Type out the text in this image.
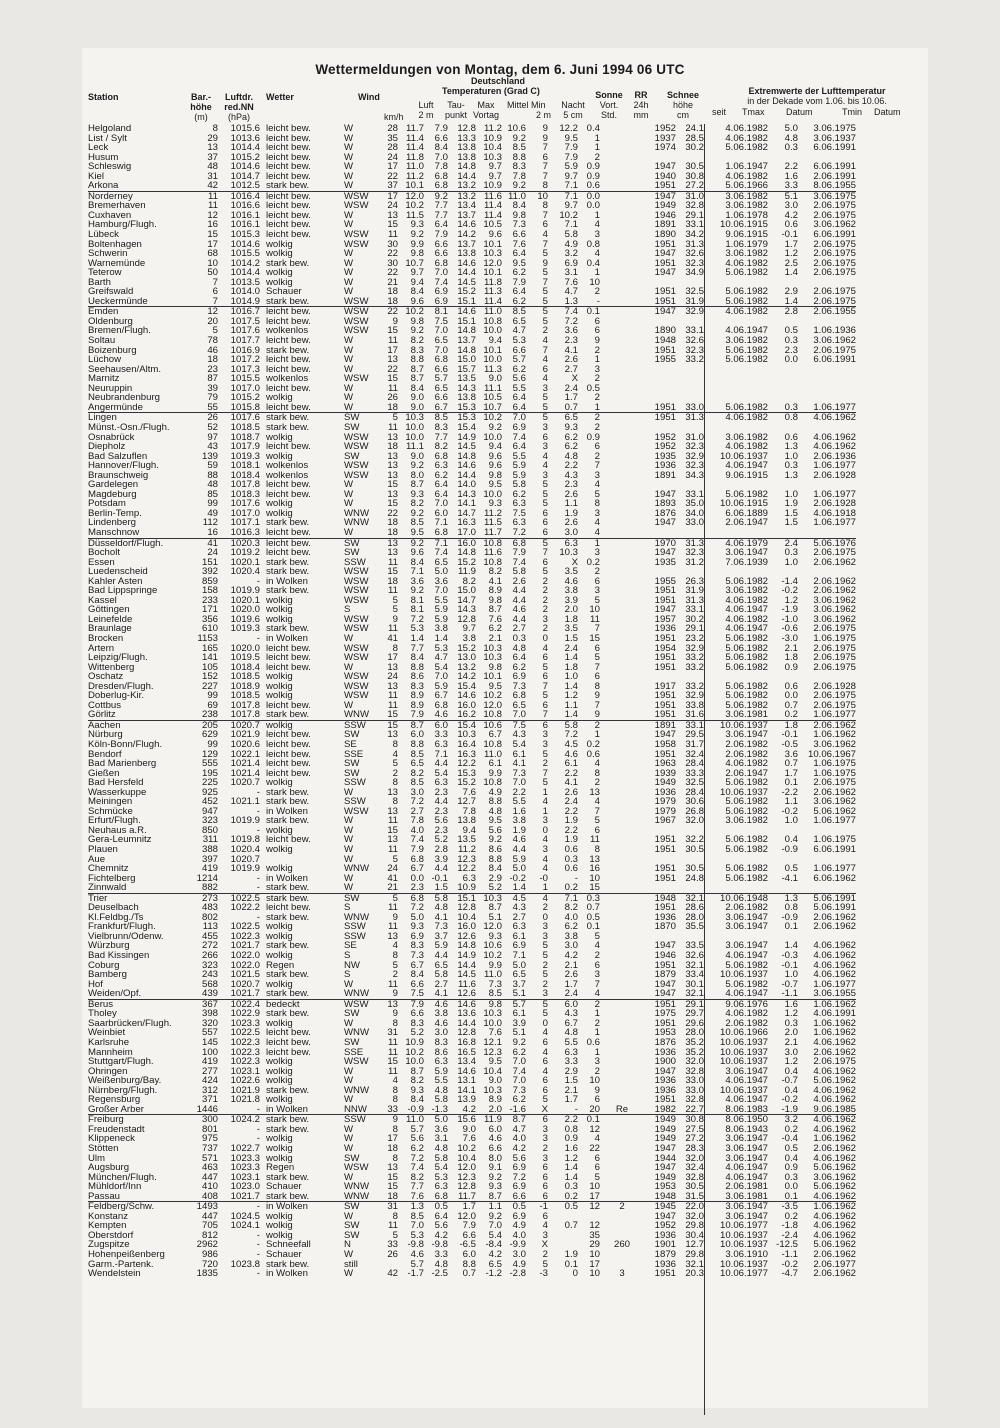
Wettermeldungen von Montag, dem 6. Juni 1994 06 UTC
Station	Bar.-
höhe
(m)
Luftdr.
red.NN
(hPa)
Wetter	Wind
km/h
Deutschland
Temperaturen (Grad C)
Luft
2 m
Tau-
punkt
Max
Vortag
Mittel Min
2 m
Nacht
5 cm
Sonne
Vort.
Std.
RR
24h
mm
Schnee
höhe
cm
Extremwerte der Lufttemperatur
in der Dekade vom 1.06. bis 10.06.
seit Tmax Datum	Tmin Datum
Helgoland	8	1015.6		leicht bew.	W	28	11.7	7.9	12.8	11.2	10.6	9	12.2	0.4		1952	24.1	4.06.1982	5.0	3.06.1975
List / Sylt	29	1013.6		leicht bew.	W	35	11.4	6.6	13.3	10.9	9.2	9	9.5	1		1937	28.5	4.06.1982	4.8	3.06.1937
Leck	13	1014.4		leicht bew.	W	28	11.4	8.4	13.8	10.4	8.5	7	7.9	1		1974	30.2	5.06.1982	0.3	6.06.1991
Husum	37	1015.2		leicht bew.	W	24	11.8	7.0	13.8	10.3	8.8	6	7.9	2						
Schleswig	48	1014.6		leicht bew.	W	17	11.0	7.8	14.8	9.7	8.3	7	5.9	0.9		1947	30.5	1.06.1947	2.2	6.06.1991
Kiel	31	1014.7		leicht bew.	W	22	11.2	6.8	14.4	9.7	7.8	7	9.7	0.9		1940	30.8	4.06.1982	1.6	2.06.1991
Arkona	42	1012.5		stark bew.	W	37	10.1	6.8	13.2	10.9	9.2	8	7.1	0.6		1951	27.2	5.06.1966	3.3	8.06.1955
Norderney	11	1016.4		leicht bew.	WSW	17	12.0	9.2	13.2	11.6	11.0	10	7.1	0.0		1947	31.0	3.06.1982	5.1	3.06.1975
Bremerhaven	11	1016.6		leicht bew.	WSW	24	10.2	7.7	13.4	11.4	8.4	8	9.7	0.0		1949	32.8	3.06.1982	3.0	2.06.1975
Cuxhaven	12	1016.1		leicht bew.	W	13	11.5	7.7	13.7	11.4	9.8	7	10.2	1		1946	29.1	1.06.1978	4.2	2.06.1975
Hamburg/Flugh.	16	1016.1		leicht bew.	W	15	9.3	6.4	14.6	10.5	7.3	6	7.1	4		1891	33.1	10.06.1915	0.6	3.06.1962
Lübeck	15	1015.3		leicht bew.	WSW	11	9.2	7.9	14.2	9.6	6.6	4	5.8	3		1890	34.2	9.06.1915	-0.1	6.06.1991
Boltenhagen	17	1014.6		wolkig	WSW	30	9.9	6.6	13.7	10.1	7.6	7	4.9	0.8		1951	31.3	1.06.1979	1.7	2.06.1975
Schwerin	68	1015.5		wolkig	W	22	9.8	6.6	13.8	10.3	6.4	5	3.2	4		1947	32.6	3.06.1982	1.2	2.06.1975
Warnemünde	10	1014.2		stark bew.	W	30	10.7	6.8	14.6	12.0	9.5	9	6.9	0.4		1951	32.3	4.06.1982	2.5	2.06.1975
Teterow	50	1014.4		wolkig	W	22	9.7	7.0	14.4	10.1	6.2	5	3.1	1		1947	34.9	5.06.1982	1.4	2.06.1975
Barth	7	1013.5		wolkig	W	21	9.4	7.4	14.5	11.8	7.9	7	7.6	10						
Greifswald	6	1014.0		Schauer	W	18	8.4	6.9	15.2	11.3	6.4	5	4.7	2		1951	32.5	5.06.1982	2.9	2.06.1975
Ueckermünde	7	1014.9		stark bew.	WSW	18	9.6	6.9	15.1	11.4	6.2	5	1.3	-		1951	31.9	5.06.1982	1.4	2.06.1975
Emden	12	1016.7		leicht bew.	WSW	22	10.2	8.1	14.6	11.0	8.5	5	7.4	0.1		1947	32.9	4.06.1982	2.8	2.06.1955
Oldenburg	20	1017.5		leicht bew.	WSW	9	9.8	7.5	15.1	10.8	6.5	5	7.2	6						
Bremen/Flugh.	5	1017.6		wolkenlos	WSW	15	9.2	7.0	14.8	10.0	4.7	2	3.6	6		1890	33.1	4.06.1947	0.5	1.06.1936
Soltau	78	1017.7		leicht bew.	W	11	8.2	6.5	13.7	9.4	5.3	4	2.3	9		1948	32.6	3.06.1982	0.3	3.06.1962
Boizenburg	46	1016.9		stark bew.	W	17	8.3	7.0	14.8	10.1	6.6	7	4.1	2		1951	32.3	5.06.1982	2.3	2.06.1975
Lüchow	18	1017.2		leicht bew.	W	13	8.8	6.8	15.0	10.0	5.7	4	2.6	1		1955	33.2	5.06.1982	0.0	6.06.1991
Seehausen/Altm.	23	1017.3		leicht bew.	W	22	8.7	6.6	15.7	11.3	6.2	6	2.7	3						
Marnitz	87	1015.5		wolkenlos	WSW	15	8.7	5.7	13.5	9.0	5.6	4	X	2						
Neuruppin	39	1017.0		leicht bew.	W	11	8.4	6.5	14.3	11.1	5.5	3	2.4	0.5						
Neubrandenburg	79	1015.2		wolkig	W	26	9.0	6.6	13.8	10.5	6.4	5	1.7	2						
Angermünde	55	1015.8		leicht bew.	W	18	9.0	6.7	15.3	10.7	6.4	5	0.7	1		1951	33.0	5.06.1982	0.3	1.06.1977
Lingen	26	1017.6		stark bew.	SW	5	10.3	8.5	15.3	10.2	7.0	5	6.5	2		1951	31.3	4.06.1982	0.8	4.06.1962
Münst.-Osn./Flugh.	52	1018.5		stark bew.	SW	11	10.0	8.3	15.4	9.2	6.9	3	9.3	2						
Osnabrück	97	1018.7		wolkig	WSW	13	10.0	7.7	14.9	10.0	7.4	6	6.2	0.9		1952	31.0	3.06.1982	0.6	4.06.1962
Diepholz	43	1017.9		leicht bew.	WSW	18	11.1	8.2	14.5	9.4	6.4	3	6.2	6		1952	32.3	4.06.1982	1.3	4.06.1962
Bad Salzuflen	139	1019.3		wolkig	SW	13	9.0	6.8	14.8	9.6	5.5	4	4.8	2		1935	32.9	10.06.1937	1.0	2.06.1936
Hannover/Flugh.	59	1018.1		wolkenlos	WSW	13	9.2	6.3	14.6	9.6	5.9	4	2.2	7		1936	32.3	4.06.1947	0.3	1.06.1977
Braunschweig	88	1018.4		wolkenlos	WSW	13	8.0	6.2	14.4	9.8	5.9	3	4.3	3		1891	34.3	9.06.1915	1.3	2.06.1928
Gardelegen	48	1017.8		leicht bew.	W	15	8.7	6.4	14.0	9.5	5.8	5	2.3	4						
Magdeburg	85	1018.3		leicht bew.	W	13	9.3	6.4	14.3	10.0	6.2	5	2.6	5		1947	33.1	5.06.1982	1.0	1.06.1977
Potsdam	99	1017.6		wolkig	W	15	8.2	7.0	14.1	9.3	6.3	5	1.1	8		1893	35.0	10.06.1915	1.9	2.06.1928
Berlin-Temp.	49	1017.0		wolkig	WNW	22	9.2	6.0	14.7	11.2	7.5	6	1.9	3		1876	34.0	6.06.1889	1.5	4.06.1918
Lindenberg	112	1017.1		stark bew.	WNW	18	8.5	7.1	16.3	11.5	6.3	6	2.6	4		1947	33.0	2.06.1947	1.5	1.06.1977
Manschnow	16	1016.3		leicht bew.	W	18	9.5	6.8	17.0	11.7	7.2	6	3.0	4						
Düsseldorf/Flugh.	41	1020.3		leicht bew.	SW	13	9.2	7.1	16.0	10.8	6.8	5	6.3	1		1970	31.3	4.06.1979	2.4	5.06.1976
Bocholt	24	1019.2		leicht bew.	SW	13	9.6	7.4	14.8	11.6	7.9	7	10.3	3		1947	32.3	3.06.1947	0.3	2.06.1975
Essen	151	1020.1		stark bew.	SSW	11	8.4	6.5	15.2	10.8	7.4	6	X	0.2		1935	31.2	7.06.1939	1.0	2.06.1962
Luedenscheid	392	1020.4		stark bew.	WSW	15	7.1	5.0	11.9	8.2	5.8	5	3.5	2						
Kahler Asten	859	-		in Wolken	WSW	18	3.6	3.6	8.2	4.1	2.6	2	4.6	6		1955	26.3	5.06.1982	-1.4	2.06.1962
Bad Lippspringe	158	1019.9		stark bew.	WSW	11	9.2	7.0	15.0	8.9	4.4	2	3.8	3		1951	31.9	3.06.1982	-0.2	2.06.1962
Kassel	233	1020.1		wolkig	WSW	5	8.1	5.5	14.7	9.8	4.4	2	3.9	5		1951	31.3	4.06.1982	1.2	3.06.1962
Göttingen	171	1020.0		wolkig	S	5	8.1	5.9	14.3	8.7	4.6	2	2.0	10		1947	33.1	4.06.1947	-1.9	3.06.1962
Leinefelde	356	1019.6		wolkig	WSW	9	7.2	5.9	12.8	7.6	4.4	3	1.8	11		1957	30.2	4.06.1982	-1.0	3.06.1962
Braunlage	610	1019.3		stark bew.	WSW	11	5.3	3.8	9.7	6.2	2.7	2	3.5	7		1936	29.1	4.06.1947	-0.6	2.06.1975
Brocken	1153	-		in Wolken	W	41	1.4	1.4	3.8	2.1	0.3	0	1.5	15		1951	23.2	5.06.1982	-3.0	1.06.1975
Artern	165	1020.0		leicht bew.	WSW	8	7.7	5.3	15.2	10.3	4.8	4	2.4	6		1954	32.9	5.06.1982	2.1	2.06.1975
Leipzig/Flugh.	141	1019.5		leicht bew.	WSW	17	8.4	4.7	13.0	10.3	6.4	6	1.4	5		1951	33.2	5.06.1982	1.8	2.06.1975
Wittenberg	105	1018.4		leicht bew.	W	13	8.8	5.4	13.2	9.8	6.2	5	1.8	7		1951	33.2	5.06.1982	0.9	2.06.1975
Oschatz	152	1018.5		wolkig	WSW	24	8.6	7.0	14.2	10.1	6.9	6	1.0	6						
Dresden/Flugh.	227	1018.9		wolkig	WSW	13	8.3	5.9	15.4	9.5	7.3	7	1.4	8		1917	33.2	5.06.1982	0.6	2.06.1928
Doberlug-Kir.	99	1018.5		wolkig	WSW	11	8.9	6.7	14.6	10.2	6.8	5	1.2	9		1951	32.9	5.06.1982	0.0	2.06.1975
Cottbus	69	1017.8		leicht bew.	W	11	8.9	6.8	16.0	12.0	6.5	6	1.1	7		1951	33.8	5.06.1982	0.7	2.06.1975
Görlitz	238	1017.8		stark bew.	WNW	15	7.9	4.6	16.2	10.8	7.0	7	1.4	9		1951	31.6	3.06.1981	0.2	1.06.1977
Aachen	205	1020.7		wolkig	SSW	15	8.7	6.0	15.4	10.6	7.5	6	5.8	2		1891	33.1	10.06.1937	1.8	2.06.1962
Nürburg	629	1021.9		leicht bew.	SW	13	6.0	3.3	10.3	6.7	4.3	3	7.2	1		1947	29.5	3.06.1947	-0.1	1.06.1962
Köln-Bonn/Flugh.	99	1020.6		leicht bew.	SE	8	8.8	6.3	16.4	10.8	5.4	3	4.5	0.2		1958	31.7	2.06.1982	-0.5	3.06.1962
Bendorf	129	1022.1		leicht bew.	SSE	4	8.5	7.1	16.3	11.0	6.1	5	4.6	0.6		1951	32.4	2.06.1982	3.6	10.06.1967
Bad Marienberg	555	1021.4		leicht bew.	SW	5	6.5	4.4	12.2	6.1	4.1	2	6.1	4		1963	28.4	4.06.1982	0.7	1.06.1975
Gießen	195	1021.4		leicht bew.	SW	2	8.2	5.4	15.3	9.9	7.3	7	2.2	8		1939	33.3	2.06.1947	1.7	1.06.1975
Bad Hersfeld	225	1020.7		wolkig	SSW	8	8.5	6.3	15.2	10.8	7.0	5	4.1	2		1949	32.5	5.06.1982	0.1	2.06.1975
Wasserkuppe	925	-		stark bew.	W	13	3.0	2.3	7.6	4.9	2.2	1	2.6	13		1936	28.4	10.06.1937	-2.2	2.06.1962
Meiningen	452	1021.1		stark bew.	SSW	8	7.2	4.4	12.7	8.8	5.5	4	2.4	4		1979	30.6	5.06.1982	1.1	3.06.1962
Schmücke	947	-		in Wolken	WSW	13	2.7	2.3	7.8	4.8	1.6	1	2.2	7		1979	26.8	5.06.1982	-0.2	5.06.1962
Erfurt/Flugh.	323	1019.9		stark bew.	W	11	7.8	5.6	13.8	9.5	3.8	3	1.9	5		1967	32.0	3.06.1982	1.0	1.06.1977
Neuhaus a.R.	850	-		wolkig	W	15	4.0	2.3	9.4	5.6	1.9	0	2.2	6						
Gera-Leumnitz	311	1019.8		leicht bew.	W	13	7.4	5.2	13.5	9.2	4.6	4	1.9	11		1951	32.2	5.06.1982	0.4	1.06.1975
Plauen	388	1020.4		wolkig	W	11	7.9	2.8	11.2	8.6	4.4	3	0.6	8		1951	30.5	5.06.1982	-0.9	6.06.1991
Aue	397	1020.7			W	5	6.8	3.9	12.3	8.8	5.9	4	0.3	13						
Chemnitz	419	1019.9		wolkig	WNW	24	6.7	4.4	12.2	8.4	5.0	4	0.6	16		1951	30.5	5.06.1982	0.5	1.06.1977
Fichtelberg	1214	-		in Wolken	W	41	0.0	-0.1	6.3	2.9	-0.2	-0	-	10		1951	24.8	5.06.1982	-4.1	6.06.1962
Zinnwald	882	-		stark bew.	W	21	2.3	1.5	10.9	5.2	1.4	1	0.2	15						
Trier	273	1022.5		stark bew.	SW	5	6.8	5.8	15.1	10.3	4.5	4	7.1	0.3		1948	32.1	10.06.1948	1.3	5.06.1991
Deuselbach	483	1022.2		leicht bew.	S	11	7.2	4.8	12.8	8.7	4.3	2	8.2	0.7		1951	28.6	2.06.1982	0.8	5.06.1991
Kl.Feldbg./Ts	802	-		stark bew.	WNW	9	5.0	4.1	10.4	5.1	2.7	0	4.0	0.5		1936	28.0	3.06.1947	-0.9	2.06.1962
Frankfurt/Flugh.	113	1022.5		wolkig	SSW	11	9.3	7.3	16.0	12.0	6.3	3	6.2	0.1		1870	35.5	3.06.1947	0.1	2.06.1962
Vielbrunn/Odenw.	455	1022.3		wolkig	SSW	13	6.9	3.7	12.6	9.3	6.1	3	3.8	5						
Würzburg	272	1021.7		stark bew.	SE	4	8.3	5.9	14.8	10.6	6.9	5	3.0	4		1947	33.5	3.06.1947	1.4	4.06.1962
Bad Kissingen	266	1022.0		wolkig	S	8	7.3	4.4	14.9	10.2	7.1	5	4.2	2		1946	32.6	4.06.1947	-0.3	4.06.1962
Coburg	323	1022.0		Regen	NW	5	6.7	6.5	14.4	9.9	5.0	2	2.1	6		1951	32.1	5.06.1982	-0.1	4.06.1962
Bamberg	243	1021.5		stark bew.	S	2	8.4	5.8	14.5	11.0	6.5	5	2.6	3		1879	33.4	10.06.1937	1.0	4.06.1962
Hof	568	1020.7		wolkig	W	11	6.6	2.7	11.6	7.3	3.7	2	1.7	7		1947	30.1	5.06.1982	-0.7	1.06.1977
Weiden/Opf.	439	1021.7		stark bew.	WNW	9	7.5	4.1	12.6	8.5	5.1	3	2.4	4		1947	32.1	4.06.1947	-1.1	3.06.1955
Berus	367	1022.4		bedeckt	WSW	13	7.9	4.6	14.6	9.8	5.7	5	6.0	2		1951	29.1	9.06.1976	1.6	1.06.1962
Tholey	398	1022.9		stark bew.	SW	9	6.6	3.8	13.6	10.3	6.1	5	4.3	1		1975	29.7	4.06.1982	1.2	4.06.1991
Saarbrücken/Flugh.	320	1023.3		wolkig	W	8	8.3	4.6	14.4	10.0	3.9	0	6.7	2		1951	29.6	2.06.1982	0.3	1.06.1962
Weinbiet	557	1022.5		leicht bew.	WNW	31	5.2	3.0	12.8	7.6	5.1	4	4.8	1		1953	28.0	10.06.1966	2.0	1.06.1962
Karlsruhe	145	1022.3		leicht bew.	SW	11	10.9	8.3	16.8	12.1	9.2	6	5.5	0.6		1876	35.2	10.06.1937	2.1	4.06.1962
Mannheim	100	1022.3		leicht bew.	SSE	11	10.2	8.6	16.5	12.3	6.2	4	6.3	1		1936	35.2	10.06.1937	3.0	2.06.1962
Stuttgart/Flugh.	419	1022.3		wolkig	WSW	15	10.0	6.3	13.4	9.5	7.0	6	3.3	3		1900	32.0	10.06.1937	1.2	2.06.1975
Öhringen	277	1023.1		wolkig	W	11	8.7	5.9	14.6	10.4	7.4	4	2.9	2		1947	32.8	3.06.1947	0.4	4.06.1962
Weißenburg/Bay.	424	1022.6		wolkig	W	4	8.2	5.5	13.1	9.0	7.0	6	1.5	10		1936	33.0	4.06.1947	-0.7	5.06.1962
Nürnberg/Flugh.	312	1021.9		stark bew.	WNW	8	9.3	4.8	14.1	10.3	7.3	6	2.1	9		1936	33.0	10.06.1937	0.4	4.06.1962
Regensburg	371	1021.8		wolkig	W	8	8.4	5.8	13.9	8.9	6.2	5	1.7	6		1951	32.8	4.06.1947	-0.2	4.06.1962
Großer Arber	1446	-		in Wolken	NNW	33	-0.9	-1.3	4.2	2.0	-1.6	X	-	20	Re	1982	22.7	8.06.1983	-1.9	9.06.1985
Freiburg	300	1024.2		stark bew.	SSW	9	11.0	5.0	15.6	11.9	8.7	6	2.2	0.1		1949	30.8	8.06.1950	3.2	4.06.1962
Freudenstadt	801	-		stark bew.	W	8	5.7	3.6	9.0	6.0	4.7	3	0.8	12		1949	27.5	8.06.1943	0.2	4.06.1962
Klippeneck	975	-		wolkig	W	17	5.6	3.1	7.6	4.6	4.0	3	0.9	4		1949	27.2	3.06.1947	-0.4	1.06.1962
Stötten	737	1022.7		wolkig	W	18	6.2	4.8	10.2	6.6	4.2	2	1.6	22		1947	28.3	3.06.1947	0.5	2.06.1962
Ulm	571	1023.3		wolkig	SW	8	7.2	5.8	10.4	8.0	5.6	3	1.2	6		1944	32.0	3.06.1947	0.4	4.06.1962
Augsburg	463	1023.3		Regen	WSW	13	7.4	5.4	12.0	9.1	6.9	6	1.4	6		1947	32.4	4.06.1947	0.9	5.06.1962
München/Flugh.	447	1023.1		stark bew.	W	15	8.2	5.3	12.3	9.2	7.2	6	1.4	5		1949	32.8	4.06.1947	0.3	3.06.1962
Mühldorf/Inn	410	1023.0		Schauer	WNW	15	7.7	6.3	12.8	9.3	6.9	6	0.3	10		1953	30.5	2.06.1981	0.0	5.06.1962
Passau	408	1021.7		stark bew.	WNW	18	7.6	6.8	11.7	8.7	6.6	6	0.2	17		1948	31.5	3.06.1981	0.1	4.06.1962
Feldberg/Schw.	1493	-		in Wolken	SW	31	1.3	0.5	1.7	1.1	0.5	-1	0.5	12	2	1945	22.0	3.06.1947	-3.5	1.06.1962
Konstanz	447	1024.5		wolkig	W	8	8.5	6.4	12.0	9.2	6.9	6				1947	32.0	3.06.1947	0.2	4.06.1962
Kempten	705	1024.1		wolkig	SW	11	7.0	5.6	7.9	7.0	4.9	4	0.7	12		1952	29.8	10.06.1977	-1.8	4.06.1962
Oberstdorf	812	-		wolkig	SW	5	5.3	4.2	6.6	5.4	4.0	3		35		1936	30.4	10.06.1937	-2.4	4.06.1962
Zugspitze	2962	-		Schneefall	N	33	-9.8	-9.8	-6.5	-8.4	-9.9	X		29	260	1901	12.7	10.06.1937	-12.5	5.06.1962
Hohenpeißenberg	986	-		Schauer	W	26	4.6	3.3	6.0	4.2	3.0	2	1.9	10		1879	29.8	3.06.1910	-1.1	2.06.1962
Garm.-Partenk.	720	1023.8		stark bew.	still		5.7	4.8	8.8	6.5	4.9	5	0.1	17		1936	32.1	10.06.1937	-0.2	2.06.1977
Wendelstein	1835	-		in Wolken	W	42	-1.7	-2.5	0.7	-1.2	-2.8	-3	0	10	3	1951	20.3	10.06.1977	-4.7	2.06.1962
